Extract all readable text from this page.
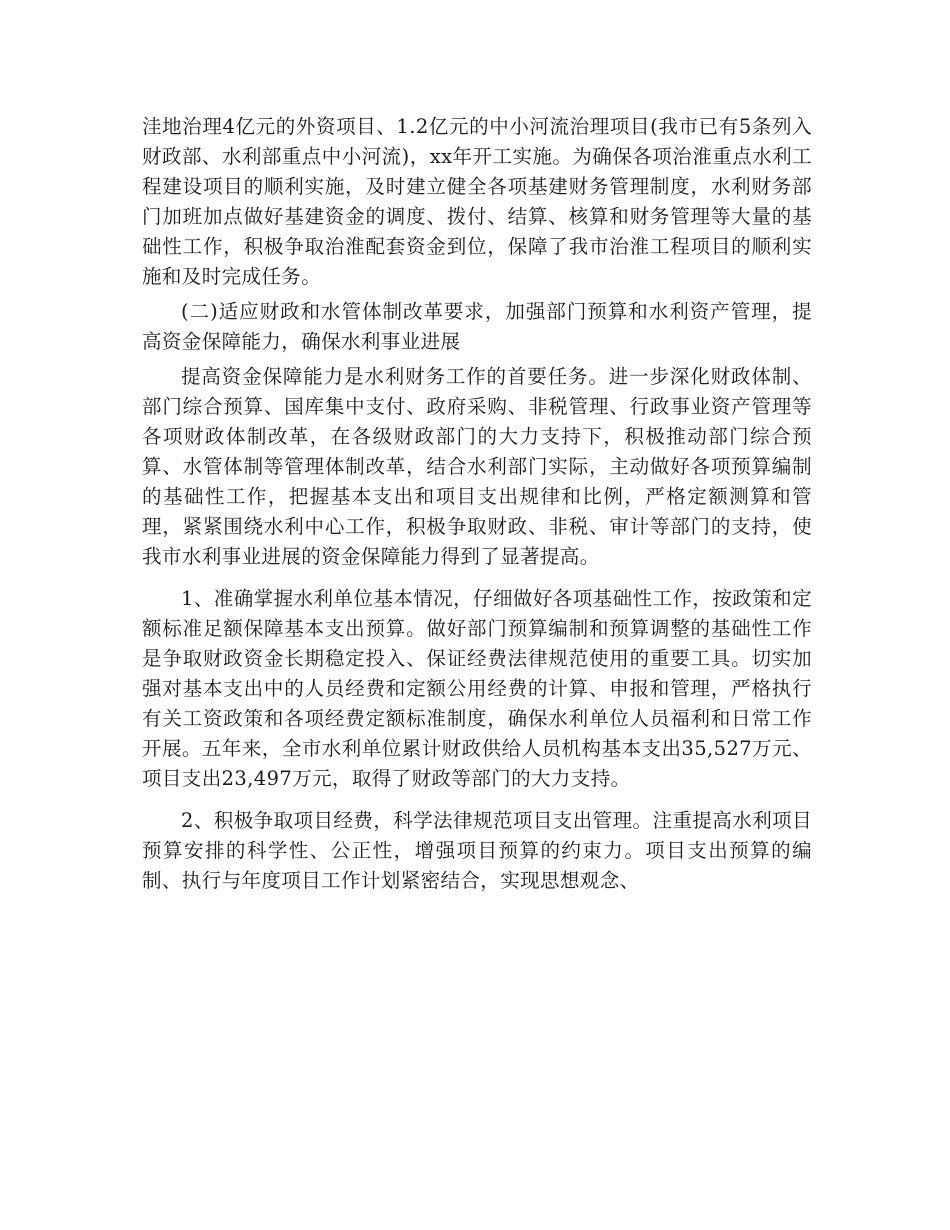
洼地治理4亿元的外资项目、1.2亿元的中小河流治理项目(我市已有5条列入财政部、水利部重点中小河流)，xx年开工实施。为确保各项治淮重点水利工程建设项目的顺利实施，及时建立健全各项基建财务管理制度，水利财务部门加班加点做好基建资金的调度、拨付、结算、核算和财务管理等大量的基础性工作，积极争取治淮配套资金到位，保障了我市治淮工程项目的顺利实施和及时完成任务。

(二)适应财政和水管体制改革要求，加强部门预算和水利资产管理，提高资金保障能力，确保水利事业进展

提高资金保障能力是水利财务工作的首要任务。进一步深化财政体制、部门综合预算、国库集中支付、政府采购、非税管理、行政事业资产管理等各项财政体制改革，在各级财政部门的大力支持下，积极推动部门综合预算、水管体制等管理体制改革，结合水利部门实际，主动做好各项预算编制的基础性工作，把握基本支出和项目支出规律和比例，严格定额测算和管理，紧紧围绕水利中心工作，积极争取财政、非税、审计等部门的支持，使我市水利事业进展的资金保障能力得到了显著提高。

1、准确掌握水利单位基本情况，仔细做好各项基础性工作，按政策和定额标准足额保障基本支出预算。做好部门预算编制和预算调整的基础性工作是争取财政资金长期稳定投入、保证经费法律规范使用的重要工具。切实加强对基本支出中的人员经费和定额公用经费的计算、申报和管理，严格执行有关工资政策和各项经费定额标准制度，确保水利单位人员福利和日常工作开展。五年来，全市水利单位累计财政供给人员机构基本支出35,527万元、项目支出23,497万元，取得了财政等部门的大力支持。

2、积极争取项目经费，科学法律规范项目支出管理。注重提高水利项目预算安排的科学性、公正性，增强项目预算的约束力。项目支出预算的编制、执行与年度项目工作计划紧密结合，实现思想观念、
